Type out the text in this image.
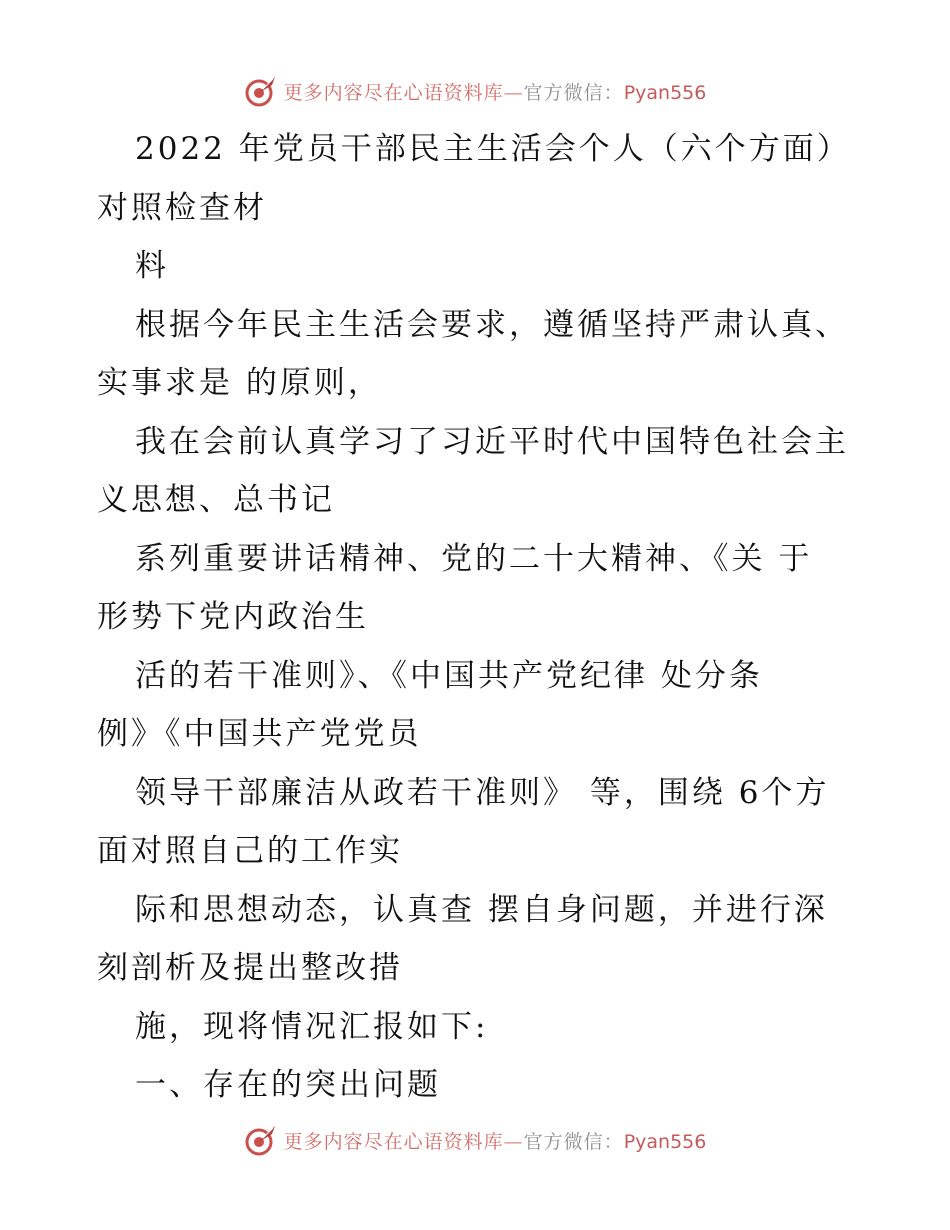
更多内容尽在心语资料库—官方微信：Pyan556
2022 年党员干部民主生活会个人（六个方面）
对照检查材
料
根据今年民主生活会要求，遵循坚持严肃认真、
实事求是 的原则，
我在会前认真学习了习近平时代中国特色社会主
义思想、总书记
系列重要讲话精神、党的二十大精神、《关 于
形势下党内政治生
活的若干准则》、《中国共产党纪律 处分条
例》《中国共产党党员
领导干部廉洁从政若干准则》 等，围绕 6个方
面对照自己的工作实
际和思想动态，认真查 摆自身问题，并进行深
刻剖析及提出整改措
施，现将情况汇报如下:
一、存在的突出问题
更多内容尽在心语资料库—官方微信：Pyan556
